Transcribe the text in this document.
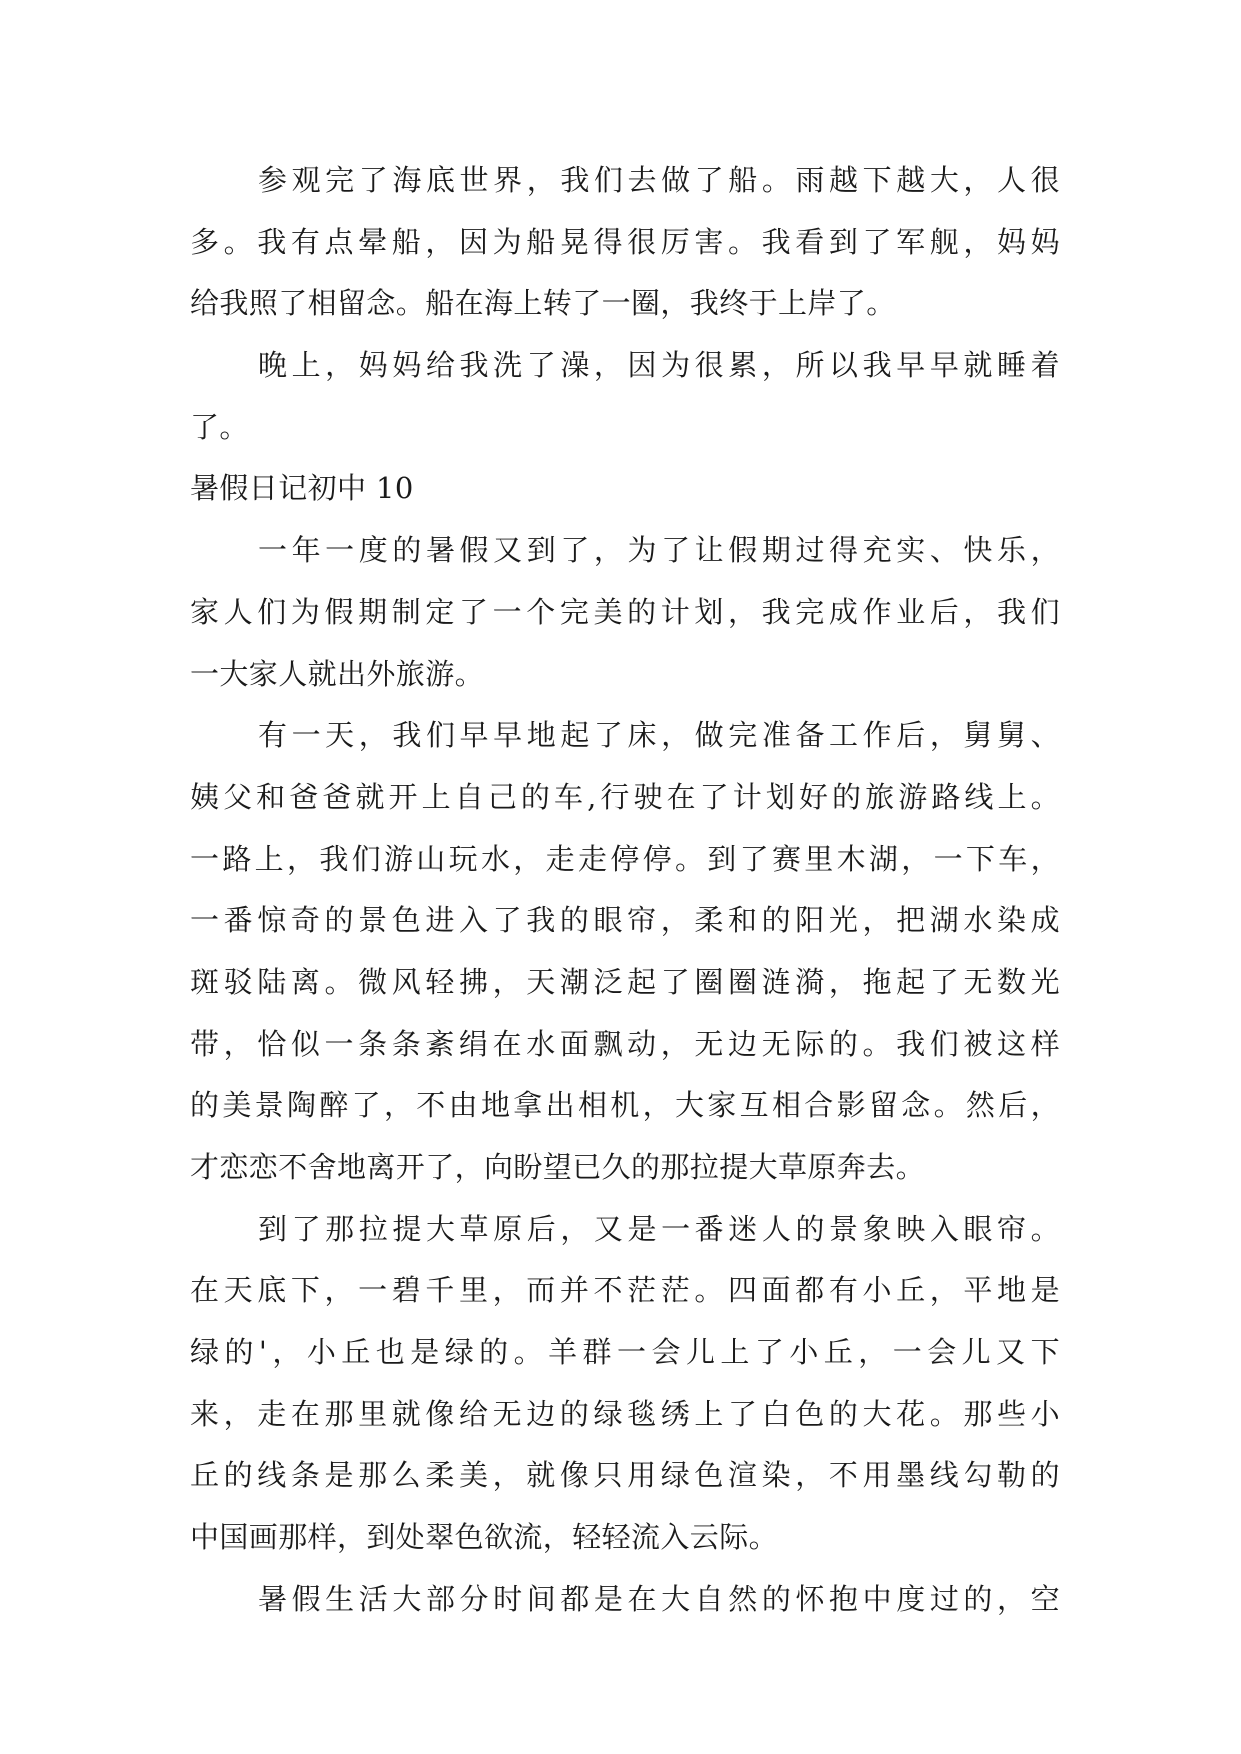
参观完了海底世界，我们去做了船。雨越下越大，人很

多。我有点晕船，因为船晃得很厉害。我看到了军舰，妈妈

给我照了相留念。船在海上转了一圈，我终于上岸了。

晚上，妈妈给我洗了澡，因为很累，所以我早早就睡着

了。

暑假日记初中 10

一年一度的暑假又到了，为了让假期过得充实、快乐，

家人们为假期制定了一个完美的计划，我完成作业后，我们

一大家人就出外旅游。

有一天，我们早早地起了床，做完准备工作后，舅舅、

姨父和爸爸就开上自己的车,行驶在了计划好的旅游路线上。

一路上，我们游山玩水，走走停停。到了赛里木湖，一下车，

一番惊奇的景色进入了我的眼帘，柔和的阳光，把湖水染成

斑驳陆离。微风轻拂，天潮泛起了圈圈涟漪，拖起了无数光

带，恰似一条条紊绢在水面飘动，无边无际的。我们被这样

的美景陶醉了，不由地拿出相机，大家互相合影留念。然后，

才恋恋不舍地离开了，向盼望已久的那拉提大草原奔去。

到了那拉提大草原后，又是一番迷人的景象映入眼帘。

在天底下，一碧千里，而并不茫茫。四面都有小丘，平地是

绿的'，小丘也是绿的。羊群一会儿上了小丘，一会儿又下

来，走在那里就像给无边的绿毯绣上了白色的大花。那些小

丘的线条是那么柔美，就像只用绿色渲染，不用墨线勾勒的

中国画那样，到处翠色欲流，轻轻流入云际。

暑假生活大部分时间都是在大自然的怀抱中度过的，空
